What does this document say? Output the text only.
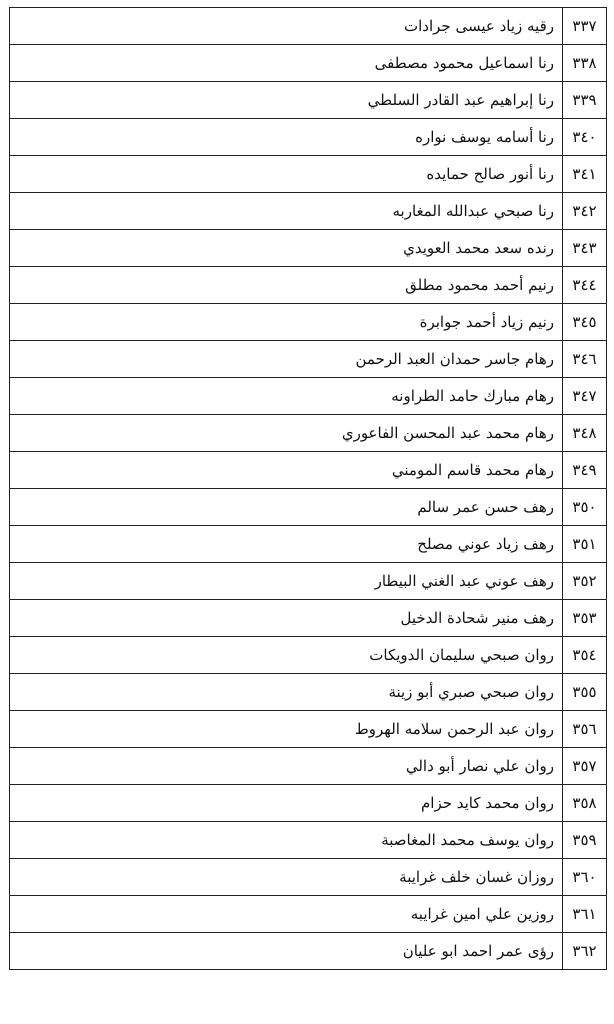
٣٣٧	رقيه زياد عيسى جرادات
٣٣٨	رنا اسماعيل محمود مصطفى
٣٣٩	رنا إبراهيم عبد القادر السلطي
٣٤٠	رنا أسامه يوسف نواره
٣٤١	رنا أنور صالح حمايده
٣٤٢	رنا صبحي عبدالله المغاربه
٣٤٣	رنده سعد محمد العويدي
٣٤٤	رنيم أحمد محمود مطلق
٣٤٥	رنيم زياد أحمد جوابرة
٣٤٦	رهام جاسر حمدان العبد الرحمن
٣٤٧	رهام مبارك حامد الطراونه
٣٤٨	رهام محمد عبد المحسن الفاعوري
٣٤٩	رهام محمد قاسم المومني
٣٥٠	رهف حسن عمر سالم
٣٥١	رهف زياد عوني مصلح
٣٥٢	رهف عوني عبد الغني البيطار
٣٥٣	رهف منير شحادة الدخيل
٣٥٤	روان صبحي سليمان الدويكات
٣٥٥	روان صبحي صبري أبو زينة
٣٥٦	روان عبد الرحمن سلامه الهروط
٣٥٧	روان علي نصار أبو دالي
٣٥٨	روان محمد كايد حزام
٣٥٩	روان يوسف محمد المغاصبة
٣٦٠	روزان غسان خلف غرايبة
٣٦١	روزين علي امين غرايبه
٣٦٢	رؤى عمر احمد ابو عليان
